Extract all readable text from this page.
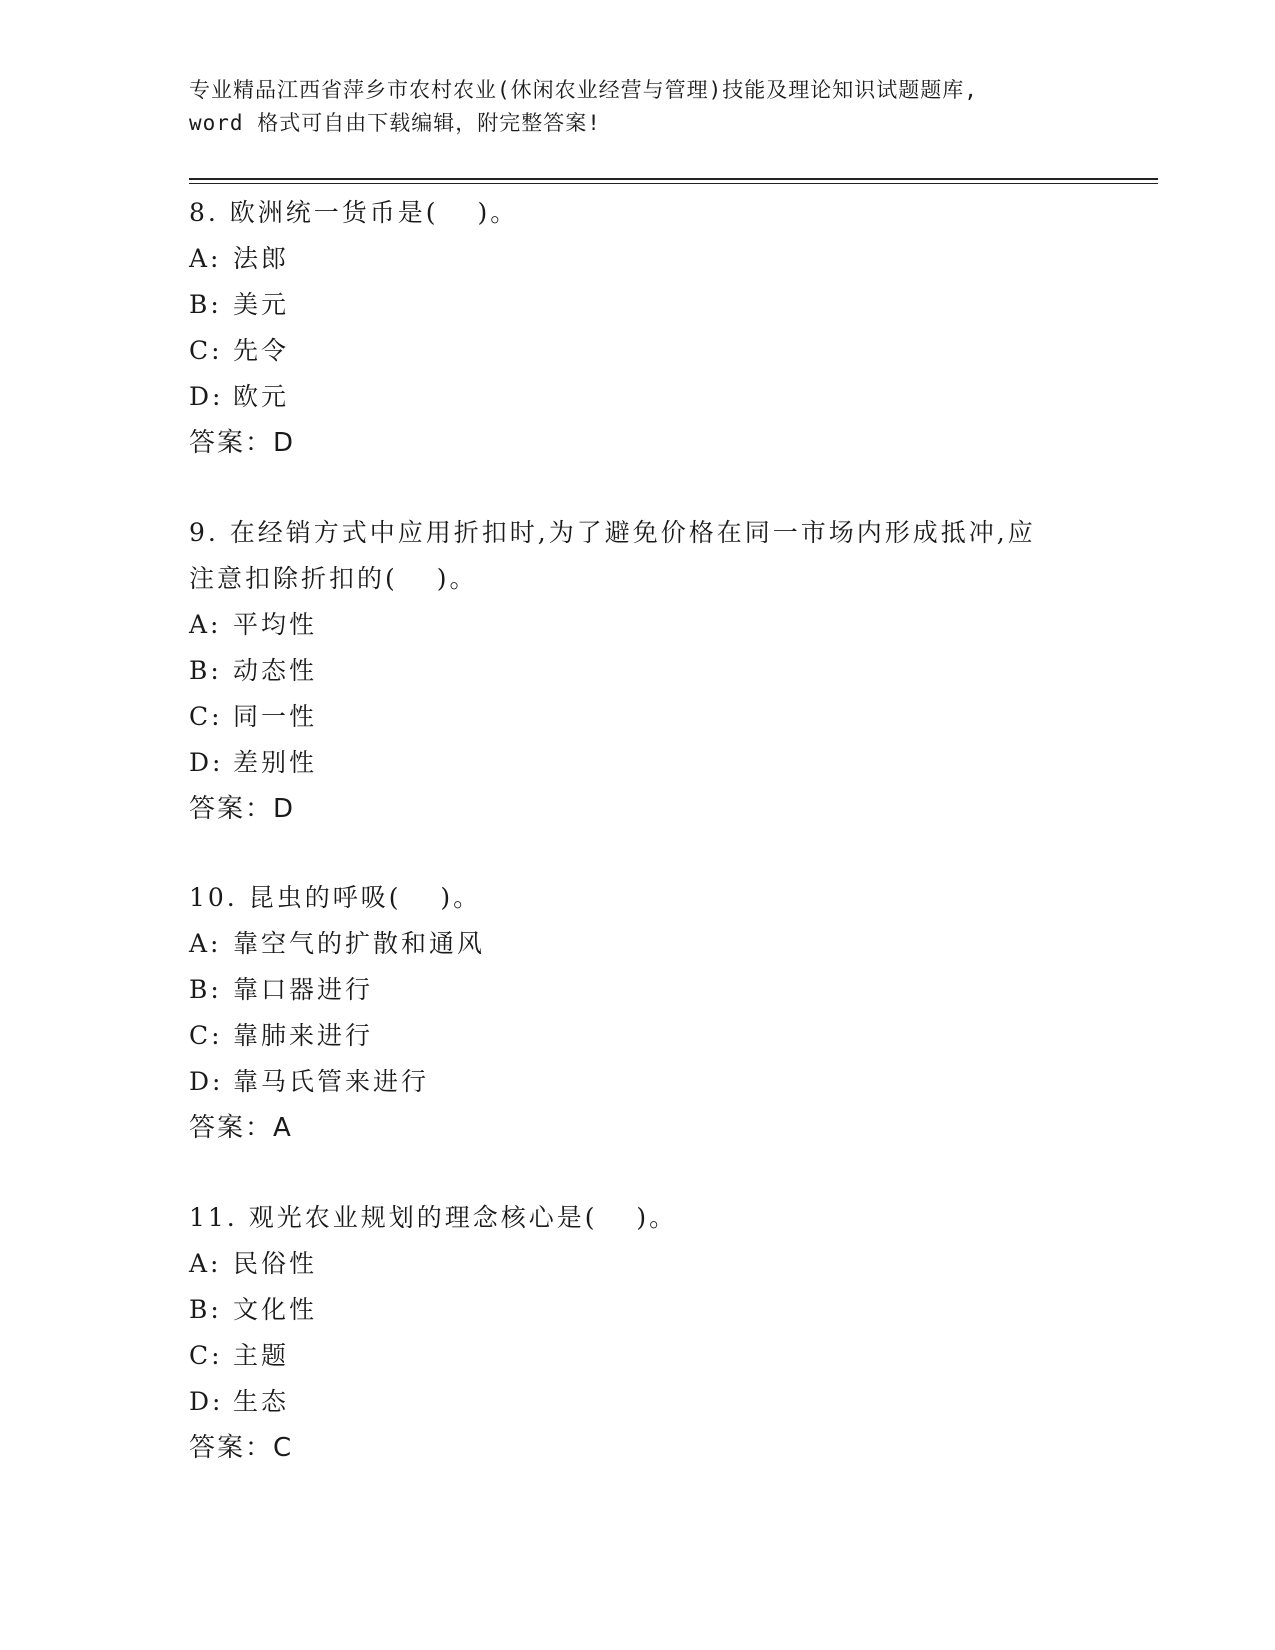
专业精品江西省萍乡市农村农业(休闲农业经营与管理)技能及理论知识试题题库,
word 格式可自由下载编辑，附完整答案!
8. 欧洲统一货币是(　 )。
A: 法郎
B: 美元
C: 先令
D: 欧元
答案：D
9. 在经销方式中应用折扣时,为了避免价格在同一市场内形成抵冲,应
注意扣除折扣的(　 )。
A: 平均性
B: 动态性
C: 同一性
D: 差别性
答案：D
10. 昆虫的呼吸(　 )。
A: 靠空气的扩散和通风
B: 靠口器进行
C: 靠肺来进行
D: 靠马氏管来进行
答案：A
11. 观光农业规划的理念核心是(　 )。
A: 民俗性
B: 文化性
C: 主题
D: 生态
答案：C
